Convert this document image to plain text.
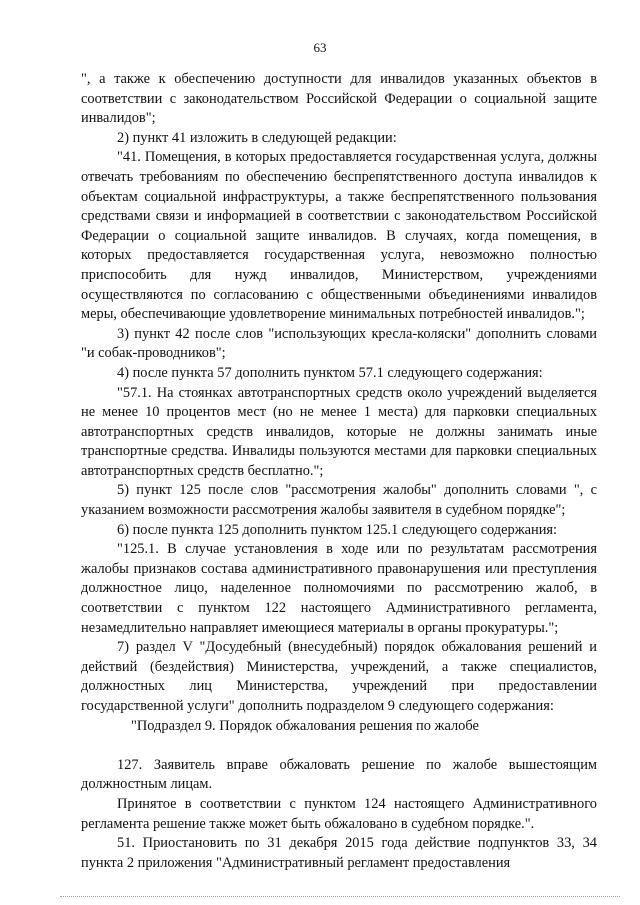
63

", а также к обеспечению доступности для инвалидов указанных объектов в соответствии с законодательством Российской Федерации о социальной защите инвалидов";

2) пункт 41 изложить в следующей редакции:

"41. Помещения, в которых предоставляется государственная услуга, должны отвечать требованиям по обеспечению беспрепятственного доступа инвалидов к объектам социальной инфраструктуры, а также беспрепятственного пользования средствами связи и информацией в соответствии с законодательством Российской Федерации о социальной защите инвалидов. В случаях, когда помещения, в которых предоставляется государственная услуга, невозможно полностью приспособить для нужд инвалидов, Министерством, учреждениями осуществляются по согласованию с общественными объединениями инвалидов меры, обеспечивающие удовлетворение минимальных потребностей инвалидов.";

3) пункт 42 после слов "использующих кресла-коляски" дополнить словами "и собак-проводников";

4) после пункта 57 дополнить пунктом 57.1 следующего содержания:

"57.1. На стоянках автотранспортных средств около учреждений выделяется не менее 10 процентов мест (но не менее 1 места) для парковки специальных автотранспортных средств инвалидов, которые не должны занимать иные транспортные средства. Инвалиды пользуются местами для парковки специальных автотранспортных средств бесплатно.";

5) пункт 125 после слов "рассмотрения жалобы" дополнить словами ", с указанием возможности рассмотрения жалобы заявителя в судебном порядке";

6) после пункта 125 дополнить пунктом 125.1 следующего содержания:

"125.1. В случае установления в ходе или по результатам рассмотрения жалобы признаков состава административного правонарушения или преступления должностное лицо, наделенное полномочиями по рассмотрению жалоб, в соответствии с пунктом 122 настоящего Административного регламента, незамедлительно направляет имеющиеся материалы в органы прокуратуры.";

7) раздел V "Досудебный (внесудебный) порядок обжалования решений и действий (бездействия) Министерства, учреждений, а также специалистов, должностных лиц Министерства, учреждений при предоставлении государственной услуги" дополнить подразделом 9 следующего содержания:

"Подраздел 9. Порядок обжалования решения по жалобе

127. Заявитель вправе обжаловать решение по жалобе вышестоящим должностным лицам.

Принятое в соответствии с пунктом 124 настоящего Административного регламента решение также может быть обжаловано в судебном порядке.".

51. Приостановить по 31 декабря 2015 года действие подпунктов 33, 34 пункта 2 приложения "Административный регламент предоставления
